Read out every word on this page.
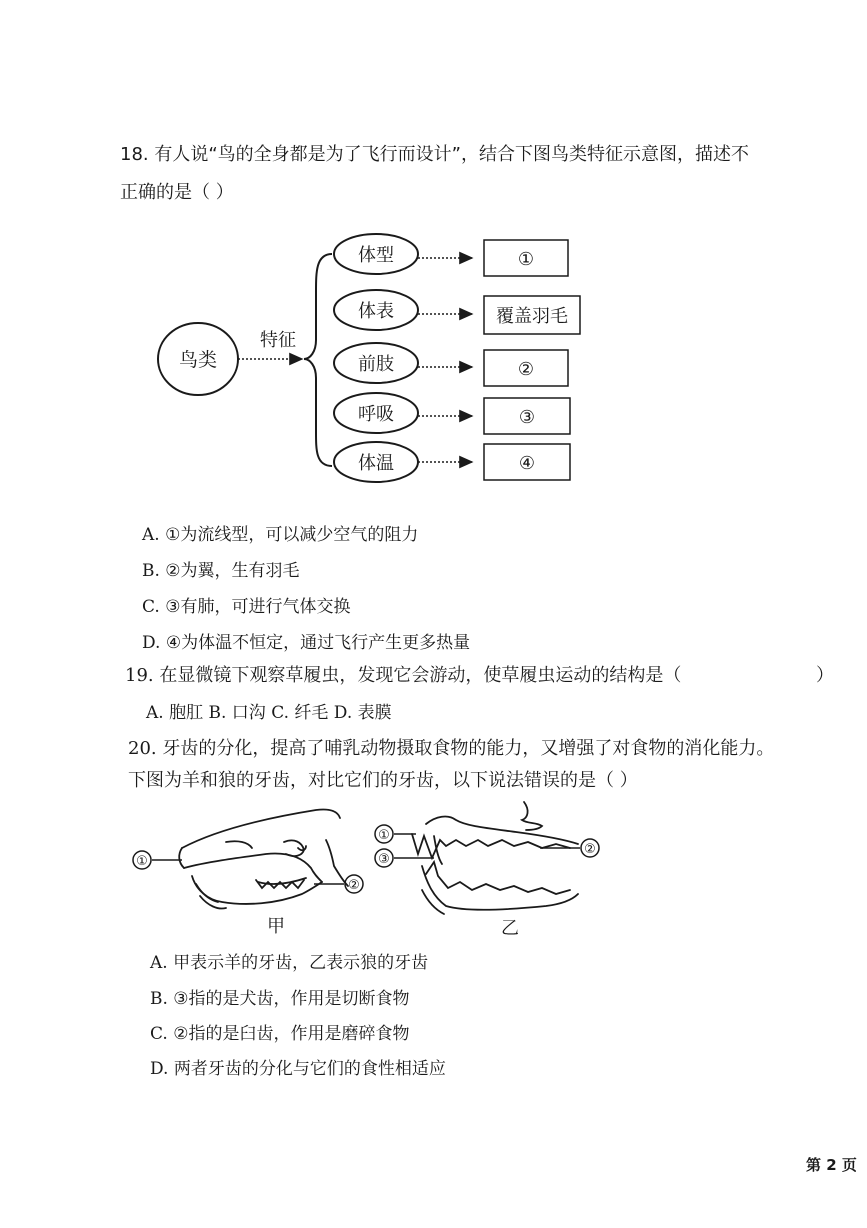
18. 有人说“鸟的全身都是为了飞行而设计”，结合下图鸟类特征示意图，描述不
正确的是（ ）
鸟类
特征
体型	①
体表	覆盖羽毛
前肢	②
呼吸	③
体温	④
A. ①为流线型，可以减少空气的阻力
B. ②为翼，生有羽毛
C. ③有肺，可进行气体交换
D. ④为体温不恒定，通过飞行产生更多热量
19. 在显微镜下观察草履虫，发现它会游动，使草履虫运动的结构是（	）
A. 胞肛 B. 口沟 C. 纤毛 D. 表膜
20. 牙齿的分化，提高了哺乳动物摄取食物的能力，又增强了对食物的消化能力。
下图为羊和狼的牙齿，对比它们的牙齿，以下说法错误的是（ ）
①
②
甲
①
③
②
乙
A. 甲表示羊的牙齿，乙表示狼的牙齿
B. ③指的是犬齿，作用是切断食物
C. ②指的是臼齿，作用是磨碎食物
D. 两者牙齿的分化与它们的食性相适应
第 2 页
